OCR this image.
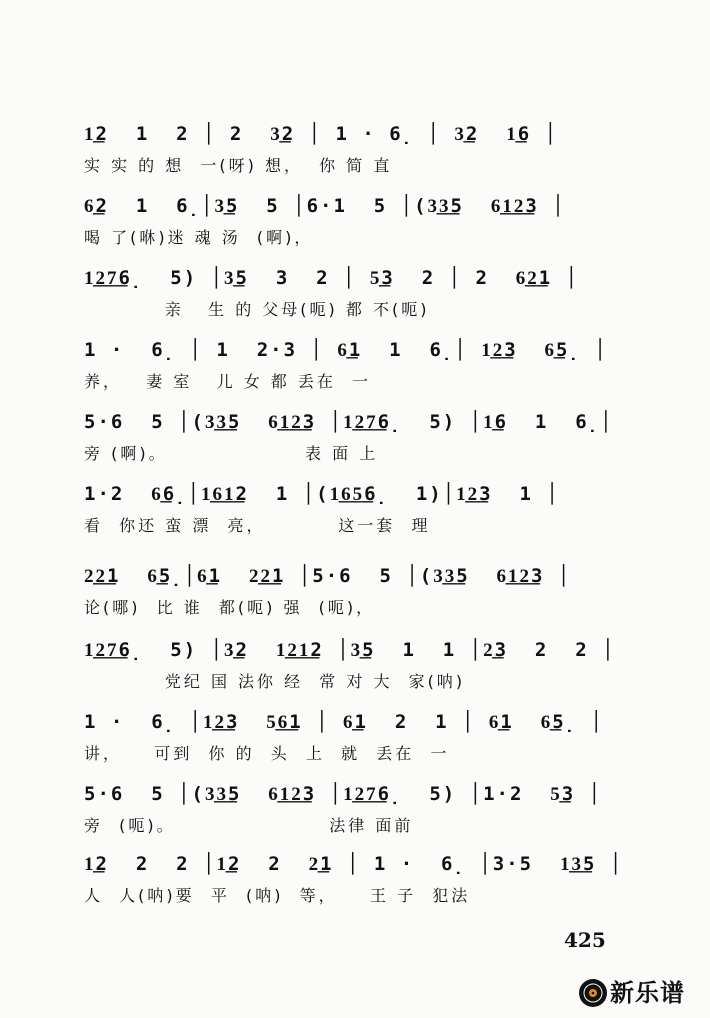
1͟2  1  2 │ 2  3͟2 │ 1 · 6̣ │ 3͟2  1͟6 │
实 实 的 想  一(呀) 想，  你 简 直
6͟2  1  6̣│3͟5  5 │6·1  5 │(3͟3͟5  6͟1͟2͟3 │
喝 了(咻)迷 魂 汤  (啊)，
1͟2͟7͟6̣  5) │3͟5  3  2 │ 5͟3  2 │ 2  6͟2͟1 │
亲   生 的 父母(呃) 都 不(呃)
1 ·  6̣ │ 1  2·3 │ 6͟1  1  6̣│ 1͟2͟3  6͟5̣ │
养，   妻 室   儿 女 都 丢在  一
5·6  5 │(3͟3͟5  6͟1͟2͟3 │1͟2͟7͟6̣  5) │1͟6  1  6̣│
旁 (啊)。                 表 面 上
1·2  6͟6̣│1͟6͟1͟2  1 │(1͟6͟5͟6̣  1)│1͟2͟3  1 │
看  你还 蛮 漂  亮，         这一套  理
2͟2͟1  6͟5̣│6͟1  2͟2͟1 │5·6  5 │(3͟3͟5  6͟1͟2͟3 │
论(哪)  比 谁  都(呃) 强  (呃)，
1͟2͟7͟6̣  5) │3͟2  1͟2͟1͟2 │3͟5  1  1 │2͟3  2  2 │
党纪 国 法你 经  常 对 大  家(呐)
1 ·  6̣ │1͟2͟3  5͟6͟1 │ 6͟1  2  1 │ 6͟1  6͟5̣ │
讲，    可到  你 的  头  上  就  丢在  一
5·6  5 │(3͟3͟5  6͟1͟2͟3 │1͟2͟7͟6̣  5) │1·2  5͟3 │
旁  (呃)。                   法律 面前
1͟2  2  2 │1͟2  2  2͟1 │ 1 ·  6̣ │3·5  1͟3͟5 │
人  人(呐)要  平  (呐)  等，    王 子  犯法
425
新乐谱
